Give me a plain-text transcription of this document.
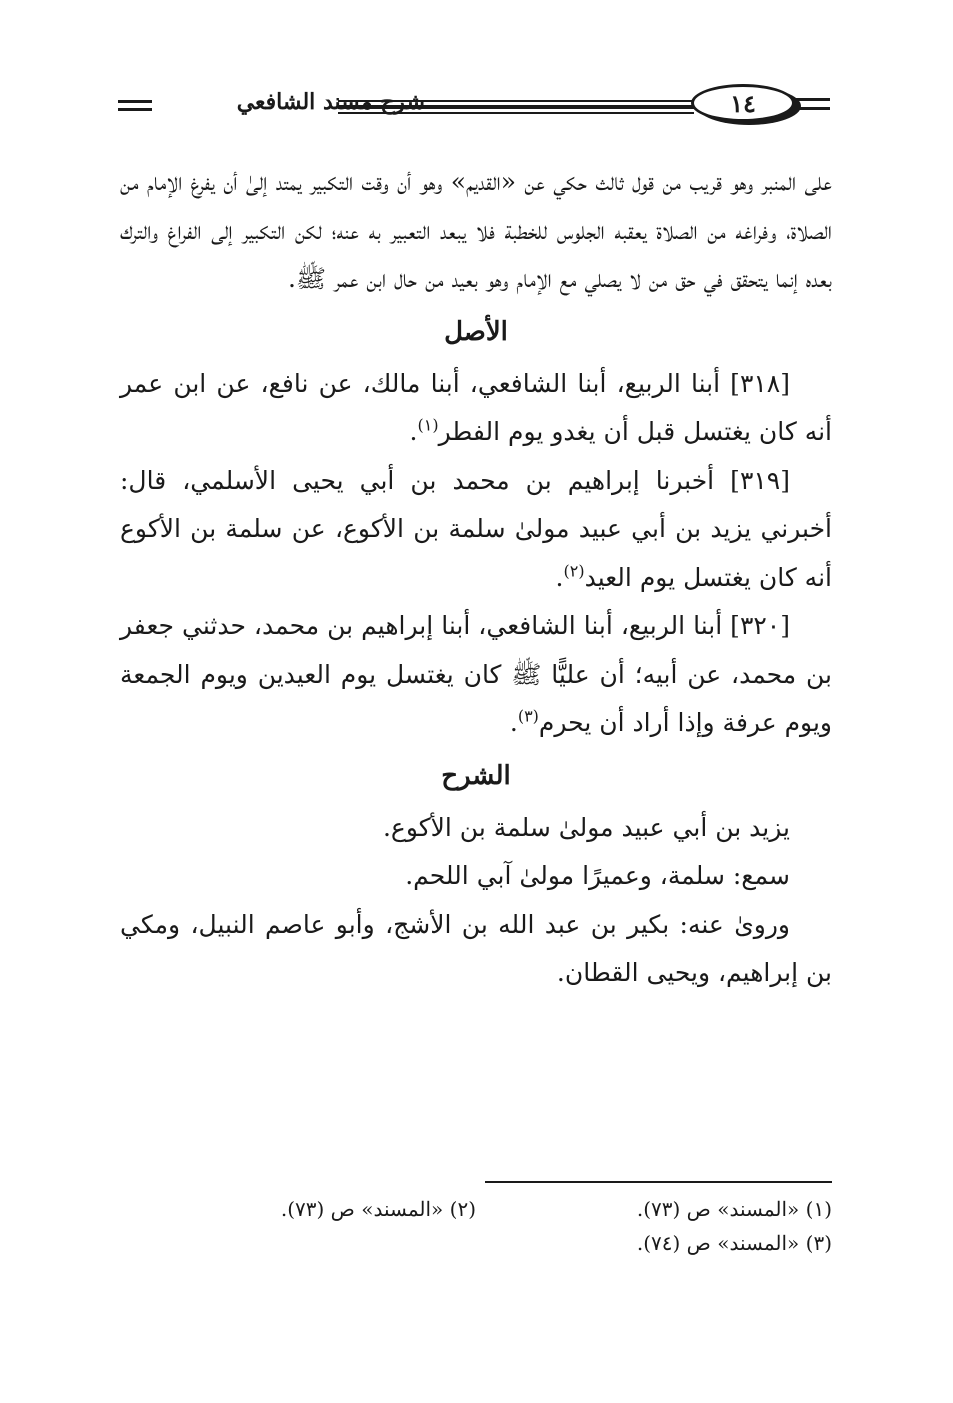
شرح مسند الشافعي	١٤

على المنبر وهو قريب من قول ثالث حكي عن «القديم» وهو أن وقت التكبير يمتد إلىٰ أن يفرغ الإمام من الصلاة، وفراغه من الصلاة يعقبه الجلوس للخطبة فلا يبعد التعبير به عنه؛ لكن التكبير إلى الفراغ والترك بعده إنما يتحقق في حق من لا يصلي مع الإمام وهو بعيد من حال ابن عمر ﷺ.

الأصل

[٣١٨] أبنا الربيع، أبنا الشافعي، أبنا مالك، عن نافع، عن ابن عمر أنه كان يغتسل قبل أن يغدو يوم الفطر$^{(١)}$.

[٣١٩] أخبرنا إبراهيم بن محمد بن أبي يحيى الأسلمي، قال: أخبرني يزيد بن أبي عبيد مولىٰ سلمة بن الأكوع، عن سلمة بن الأكوع أنه كان يغتسل يوم العيد$^{(٢)}$.

[٣٢٠] أبنا الربيع، أبنا الشافعي، أبنا إبراهيم بن محمد، حدثني جعفر بن محمد، عن أبيه؛ أن عليًّا ﷺ كان يغتسل يوم العيدين ويوم الجمعة ويوم عرفة وإذا أراد أن يحرم$^{(٣)}$.

الشرح

يزيد بن أبي عبيد مولىٰ سلمة بن الأكوع.

سمع: سلمة، وعميرًا مولىٰ آبي اللحم.

وروىٰ عنه: بكير بن عبد الله بن الأشج، وأبو عاصم النبيل، ومكي بن إبراهيم، ويحيى القطان.

(١) «المسند» ص (٧٣).
(٢) «المسند» ص (٧٣).
(٣) «المسند» ص (٧٤).
